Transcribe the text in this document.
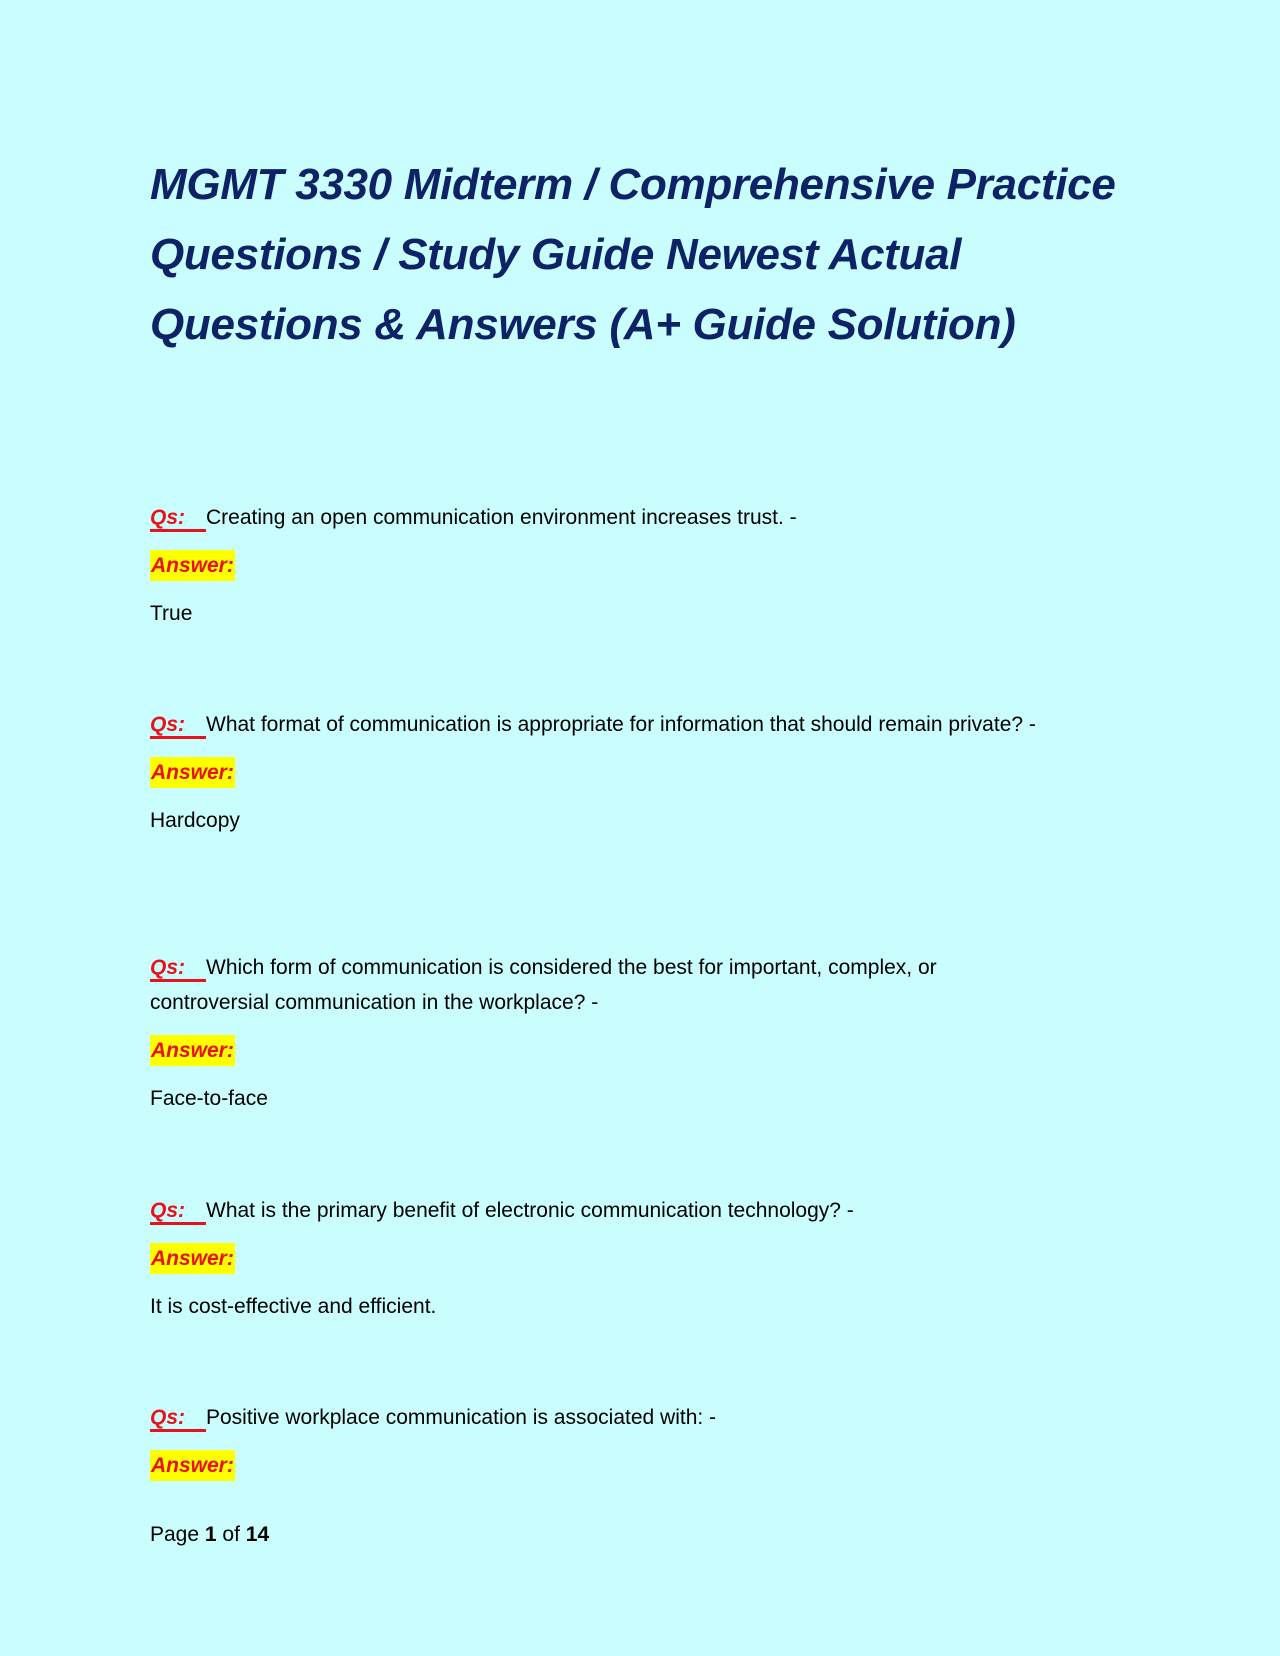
MGMT 3330 Midterm / Comprehensive Practice Questions / Study Guide Newest Actual Questions & Answers (A+ Guide Solution)

Qs: Creating an open communication environment increases trust. -

Answer:
True

Qs: What format of communication is appropriate for information that should remain private? -

Answer:
Hardcopy

Qs: Which form of communication is considered the best for important, complex, or controversial communication in the workplace? -

Answer:
Face-to-face

Qs: What is the primary benefit of electronic communication technology? -

Answer:
It is cost-effective and efficient.

Qs: Positive workplace communication is associated with: -

Answer:
Page 1 of 14
